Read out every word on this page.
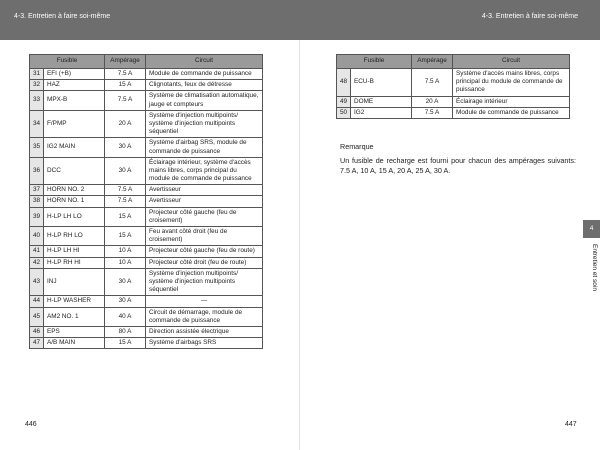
4-3. Entretien à faire soi-même	4-3. Entretien à faire soi-même
Fusible		Ampérage	Circuit
31	EFI (+B)	7.5 A	Module de commande de puissance
32	HAZ	15 A	Clignotants, feux de détresse
33	MPX-B	7.5 A	Système de climatisation automatique, jauge et compteurs
34	F/PMP	20 A	Système d'injection multipoints/ système d'injection multipoints séquentiel
35	IG2 MAIN	30 A	Système d'airbag SRS, module de commande de puissance
36	DCC	30 A	Éclairage intérieur, système d'accès mains libres, corps principal du module de commande de puissance
37	HORN NO. 2	7.5 A	Avertisseur
38	HORN NO. 1	7.5 A	Avertisseur
39	H-LP LH LO	15 A	Projecteur côté gauche (feu de croisement)
40	H-LP RH LO	15 A	Feu avant côté droit (feu de croisement)
41	H-LP LH HI	10 A	Projecteur côté gauche (feu de route)
42	H-LP RH HI	10 A	Projecteur côté droit (feu de route)
43	INJ	30 A	Système d'injection multipoints/ système d'injection multipoints séquentiel
44	H-LP WASHER	30 A	—
45	AM2 NO. 1	40 A	Circuit de démarrage, module de commande de puissance
46	EPS	80 A	Direction assistée électrique
47	A/B MAIN	15 A	Système d'airbags SRS
Fusible		Ampérage	Circuit
48	ECU-B	7.5 A	Système d'accès mains libres, corps principal du module de commande de puissance
49	DOME	20 A	Éclairage intérieur
50	IG2	7.5 A	Module de commande de puissance
Remarque
Un fusible de recharge est fourni pour chacun des ampérages suivants: 7.5 A, 10 A, 15 A, 20 A, 25 A, 30 A.
4
Entretien et soin
446	447
